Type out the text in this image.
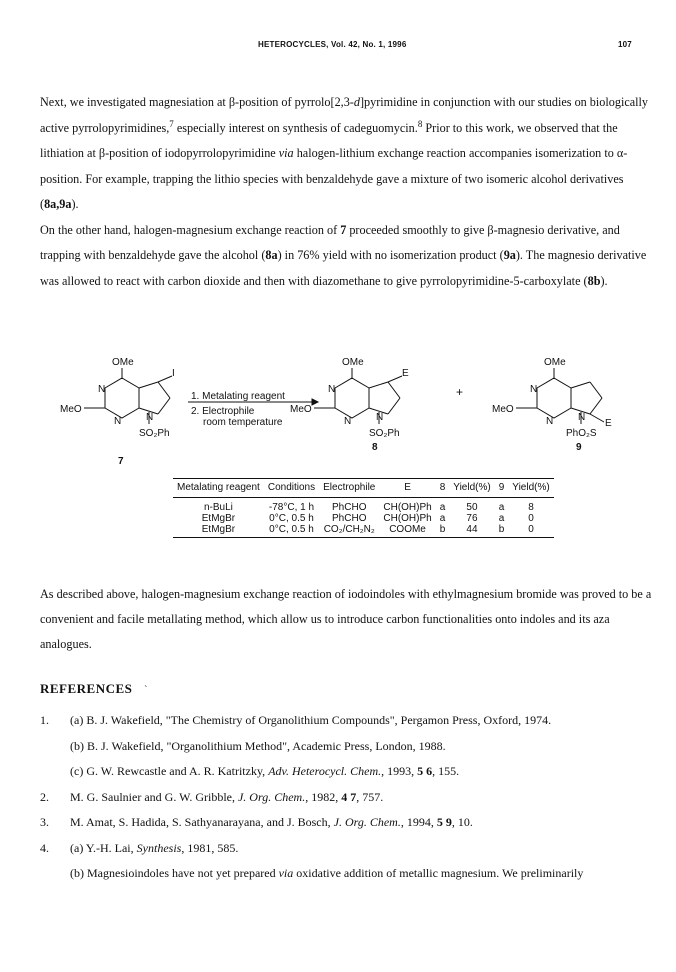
HETEROCYCLES, Vol. 42, No. 1, 1996	107

Next, we investigated magnesiation at β-position of pyrrolo[2,3-d]pyrimidine in conjunction with our studies on biologically active pyrrolopyrimidines,$^7$ especially interest on synthesis of cadeguomycin.$^8$ Prior to this work, we observed that the lithiation at β-position of iodopyrrolopyrimidine via halogen-lithium exchange reaction accompanies isomerization to α-position. For example, trapping the lithio species with benzaldehyde gave a mixture of two isomeric alcohol derivatives (8a,9a).

On the other hand, halogen-magnesium exchange reaction of 7 proceeded smoothly to give β-magnesio derivative, and trapping with benzaldehyde gave the alcohol (8a) in 76% yield with no isomerization product (9a). The magnesio derivative was allowed to react with carbon dioxide and then with diazomethane to give pyrrolopyrimidine-5-carboxylate (8b).

OMe
N
N N
MeO
I
SO₂Ph
7
1. Metalating reagent
2. Electrophile
room temperature
OMe
N
N N
MeO
E
SO₂Ph
8
+
OMe
N
N N
MeO
E
PhO₂S
9
Metalating reagent	Conditions	Electrophile	E	8	Yield(%)	9	Yield(%)
n-BuLi	-78°C, 1 h	PhCHO	CH(OH)Ph	a	50	a	8
EtMgBr	0°C, 0.5 h	PhCHO	CH(OH)Ph	a	76	a	0
EtMgBr	0°C, 0.5 h	CO₂/CH₂N₂	COOMe	b	44	b	0
As described above, halogen-magnesium exchange reaction of iodoindoles with ethylmagnesium bromide was proved to be a convenient and facile metallating method, which allow us to introduce carbon functionalities onto indoles and its aza analogues.
REFERENCES `
1. (a) B. J. Wakefield, "The Chemistry of Organolithium Compounds", Pergamon Press, Oxford, 1974.
(b) B. J. Wakefield, "Organolithium Method", Academic Press, London, 1988.
(c) G. W. Rewcastle and A. R. Katritzky, Adv. Heterocycl. Chem., 1993, 5 6, 155.
2. M. G. Saulnier and G. W. Gribble, J. Org. Chem., 1982, 4 7, 757.
3. M. Amat, S. Hadida, S. Sathyanarayana, and J. Bosch, J. Org. Chem., 1994, 5 9, 10.
4. (a) Y.-H. Lai, Synthesis, 1981, 585.
(b) Magnesioindoles have not yet prepared via oxidative addition of metallic magnesium. We preliminarily
